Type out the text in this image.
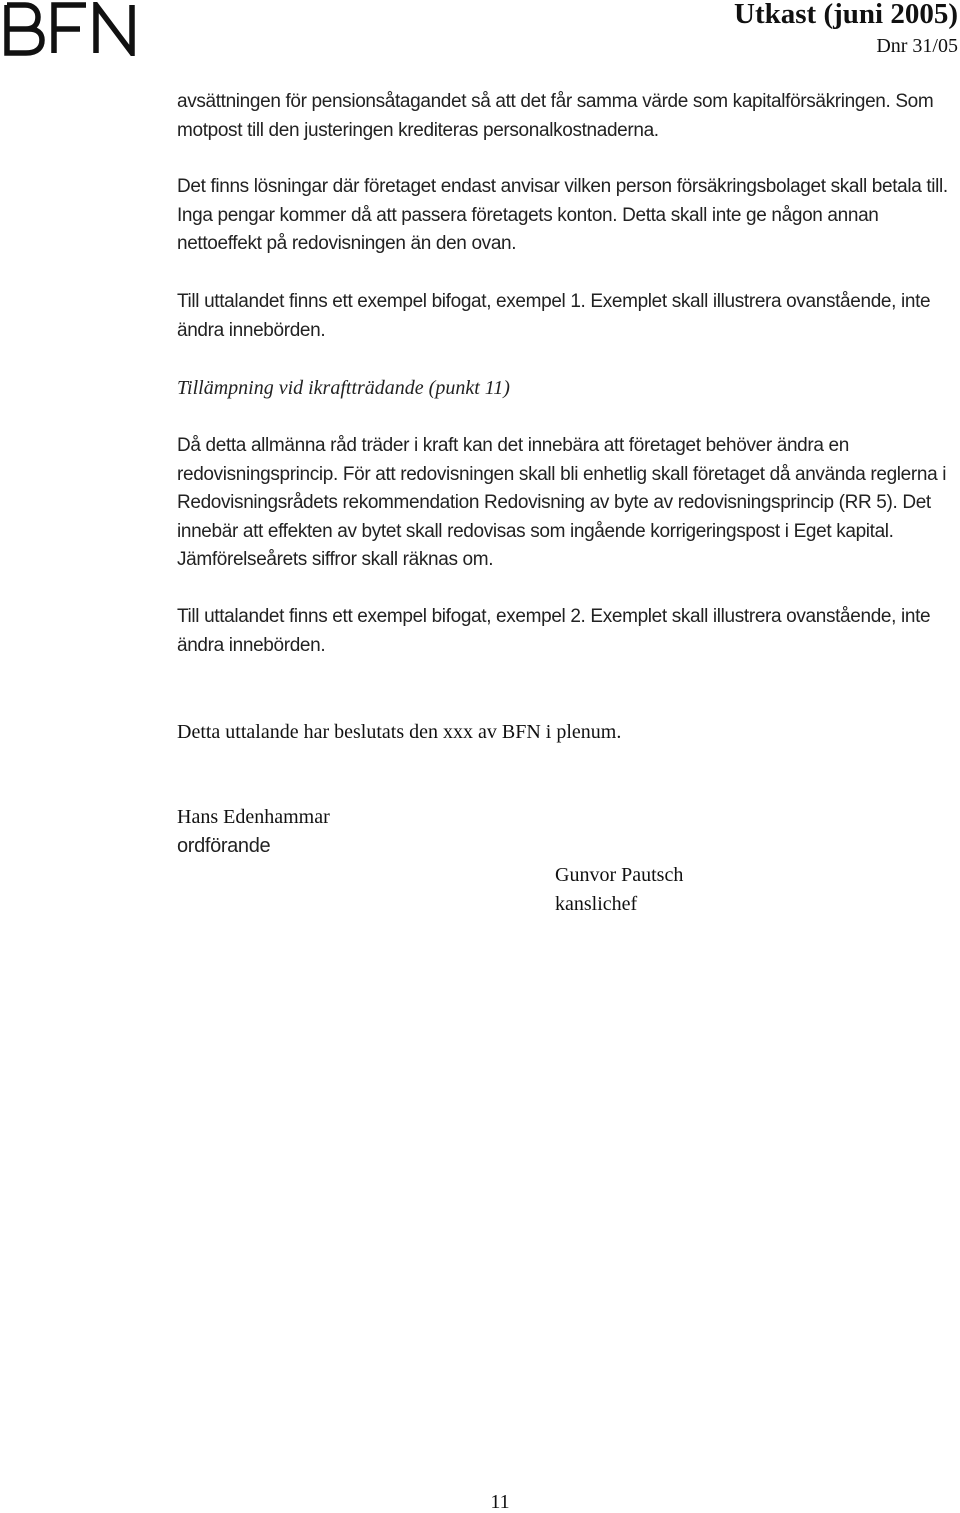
Utkast (juni 2005)
Dnr 31/05

avsättningen för pensionsåtagandet så att det får samma värde som kapitalförsäkringen. Som motpost till den justeringen krediteras personalkostnaderna.

Det finns lösningar där företaget endast anvisar vilken person försäkringsbolaget skall betala till. Inga pengar kommer då att passera företagets konton. Detta skall inte ge någon annan nettoeffekt på redovisningen än den ovan.

Till uttalandet finns ett exempel bifogat, exempel 1. Exemplet skall illustrera ovanstående, inte ändra innebörden.

Tillämpning vid ikraftträdande (punkt 11)

Då detta allmänna råd träder i kraft kan det innebära att företaget behöver ändra en redovisningsprincip. För att redovisningen skall bli enhetlig skall företaget då använda reglerna i Redovisningsrådets rekommendation Redovisning av byte av redovisningsprincip (RR 5). Det innebär att effekten av bytet skall redovisas som ingående korrigeringspost i Eget kapital. Jämförelseårets siffror skall räknas om.

Till uttalandet finns ett exempel bifogat, exempel 2. Exemplet skall illustrera ovanstående, inte ändra innebörden.

Detta uttalande har beslutats den xxx av BFN i plenum.

Hans Edenhammar

ordförande

Gunvor Pautsch

kanslichef

11
